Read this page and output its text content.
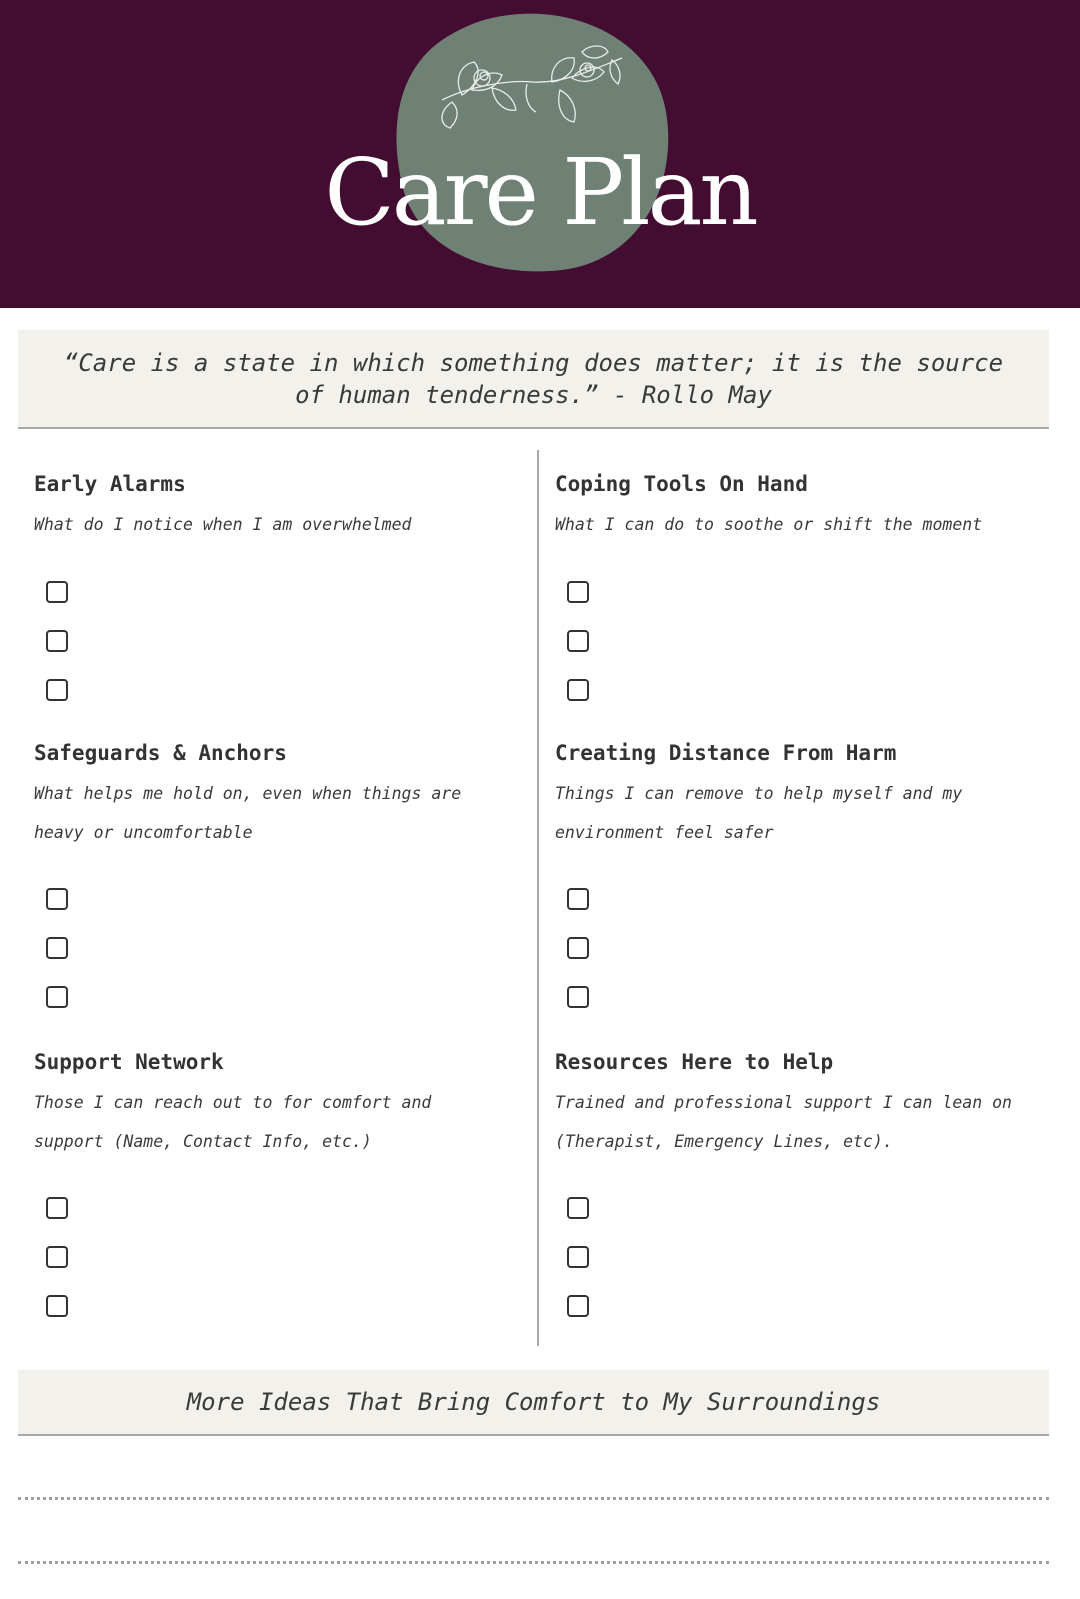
Care Plan
“Care is a state in which something does matter; it is the source of human tenderness.” - Rollo May
Early Alarms
What do I notice when I am overwhelmed
Coping Tools On Hand
What I can do to soothe or shift the moment
Safeguards & Anchors
What helps me hold on, even when things are heavy or uncomfortable
Creating Distance From Harm
Things I can remove to help myself and my environment feel safer
Support Network
Those I can reach out to for comfort and support (Name, Contact Info, etc.)
Resources Here to Help
Trained and professional support I can lean on (Therapist, Emergency Lines, etc).
More Ideas That Bring Comfort to My Surroundings
